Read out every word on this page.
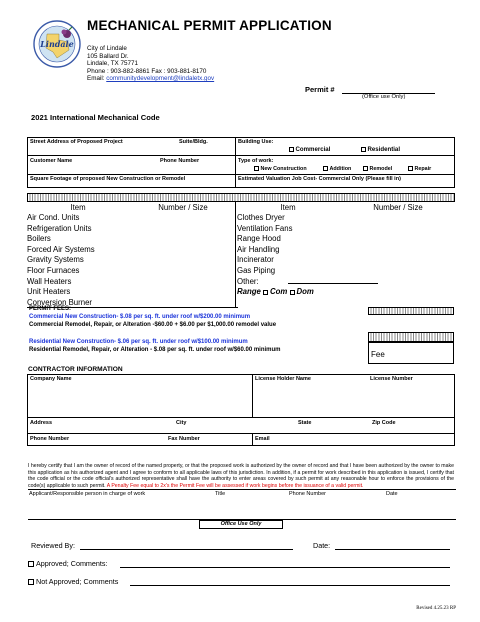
Lindale
MECHANICAL PERMIT APPLICATION
City of Lindale
105 Ballard Dr.
Lindale, TX 75771
Phone : 903-882-8861 Fax : 903-881-8170
Email: communitydevelopment@lindaletx.gov
Permit #
(Office use Only)
2021 International Mechanical Code
Street Address of Proposed Project	Suite/Bldg.	Building Use:
Commercial	Residential
Customer Name	Phone Number	Type of work:
New Construction	Addition	Remodel	Repair
Square Footage of proposed New Construction or Remodel	Estimated Valuation Job Cost- Commercial Only (Please fill in)
Item	Number / Size	Item	Number / Size
Air Cond. Units
Refrigeration Units
Boilers
Forced Air Systems
Gravity Systems
Floor Furnaces
Wall Heaters
Unit Heaters
Conversion Burner
Clothes Dryer
Ventilation Fans
Range Hood
Air Handling
Incinerator
Gas Piping
Other:
Range Com Dom
PERMIT FEES:
Commercial New Construction- $.08 per sq. ft. under roof w/$200.00 minimum
Commercial Remodel, Repair, or Alteration -$60.00 + $6.00 per $1,000.00 remodel value
Residential New Construction- $.06 per sq. ft. under roof w/$100.00 minimum
Residential Remodel, Repair, or Alteration - $.08 per sq. ft. under roof w/$60.00 minimum	Fee
CONTRACTOR INFORMATION
Company Name	License Holder Name	License Number
Address	City	State	Zip Code
Phone Number	Fax Number	Email
I hereby certify that I am the owner of record of the named property, or that the proposed work is authorized by the owner of record and that I have been authorized by the owner to make this application as his authorized agent and I agree to conform to all applicable laws of this jurisdiction. In addition, if a permit for work described in this application is issued, I certify that the code official or the code official's authorized representative shall have the authority to enter areas covered by such permit at any reasonable hour to enforce the provisions of the code(s) applicable to such permit. A Penalty Fee equal to 2x's the Permit Fee will be assessed if work begins before the issuance of a valid permit.
Applicant/Responsible person in charge of work	Title	Phone Number	Date
Office Use Only
Reviewed By:	Date:
Approved; Comments:
Not Approved; Comments
Revised 4.25.23 RP
